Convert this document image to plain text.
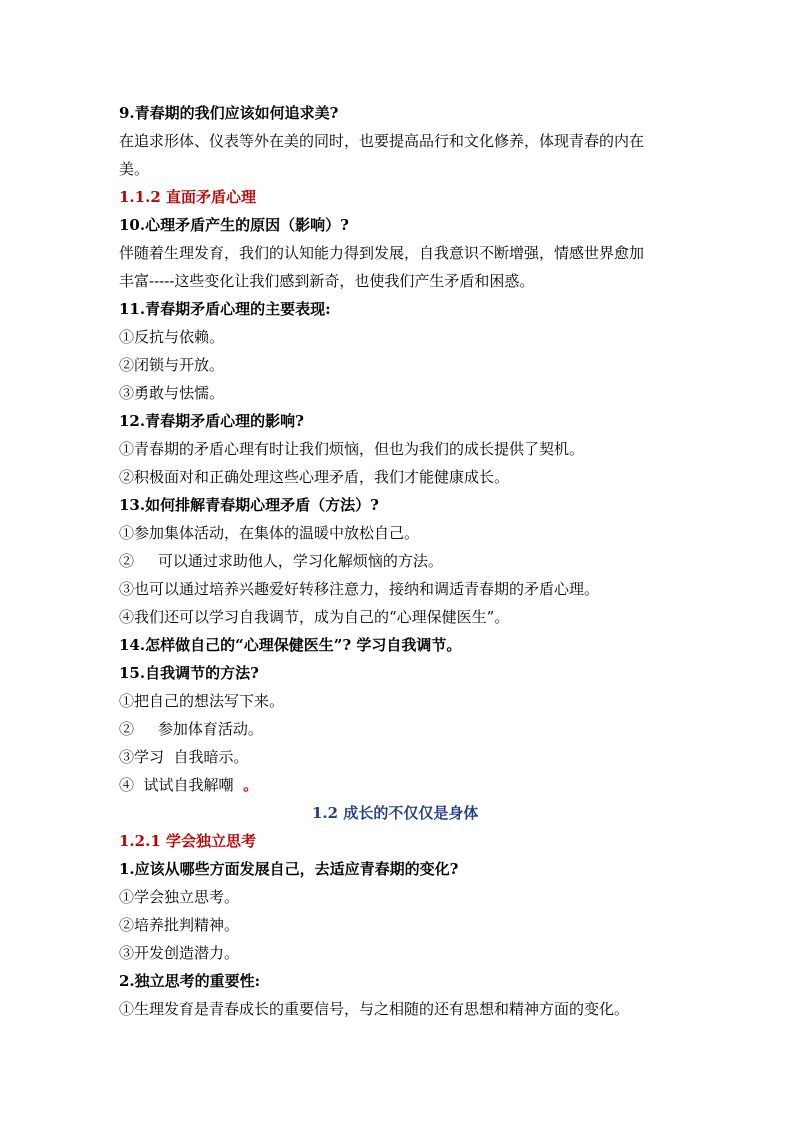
9.青春期的我们应该如何追求美?
在追求形体、仪表等外在美的同时，也要提高品行和文化修养，体现青春的内在
美。
1.1.2 直面矛盾心理
10.心理矛盾产生的原因（影响）?
伴随着生理发育，我们的认知能力得到发展，自我意识不断增强，情感世界愈加
丰富-----这些变化让我们感到新奇，也使我们产生矛盾和困惑。
11.青春期矛盾心理的主要表现:
①反抗与依赖。
②闭锁与开放。
③勇敢与怯懦。
12.青春期矛盾心理的影响?
①青春期的矛盾心理有时让我们烦恼，但也为我们的成长提供了契机。
②积极面对和正确处理这些心理矛盾，我们才能健康成长。
13.如何排解青春期心理矛盾（方法）?
①参加集体活动，在集体的温暖中放松自己。
②     可以通过求助他人，学习化解烦恼的方法。
③也可以通过培养兴趣爱好转移注意力，接纳和调适青春期的矛盾心理。
④我们还可以学习自我调节，成为自己的“心理保健医生”。
14.怎样做自己的“心理保健医生”? 学习自我调节。
15.自我调节的方法?
①把自己的想法写下来。
②     参加体育活动。
③学习  自我暗示。
④  试试自我解嘲  。
1.2 成长的不仅仅是身体
1.2.1 学会独立思考
1.应该从哪些方面发展自己，去适应青春期的变化?
①学会独立思考。
②培养批判精神。
③开发创造潜力。
2.独立思考的重要性:
①生理发育是青春成长的重要信号，与之相随的还有思想和精神方面的变化。
